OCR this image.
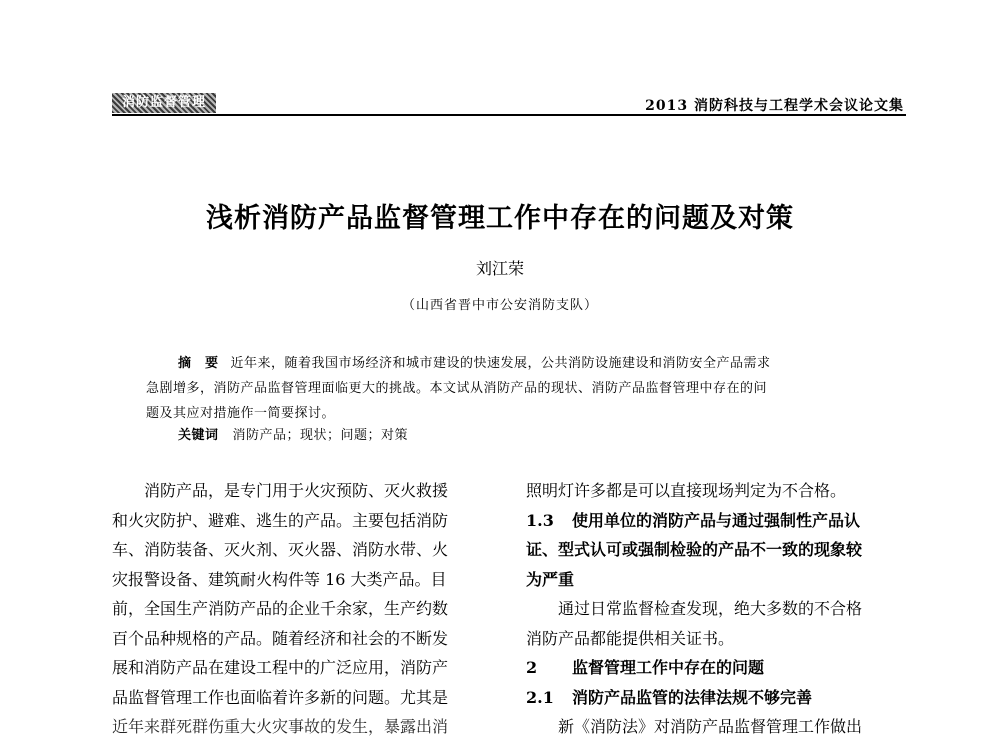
消防监督管理	2013 消防科技与工程学术会议论文集
浅析消防产品监督管理工作中存在的问题及对策
刘江荣
（山西省晋中市公安消防支队）
摘　要 近年来，随着我国市场经济和城市建设的快速发展，公共消防设施建设和消防安全产品需求
急剧增多，消防产品监督管理面临更大的挑战。本文试从消防产品的现状、消防产品监督管理中存在的问
题及其应对措施作一简要探讨。
关键词 消防产品；现状；问题；对策
消防产品，是专门用于火灾预防、灭火救援
和火灾防护、避难、逃生的产品。主要包括消防
车、消防装备、灭火剂、灭火器、消防水带、火
灾报警设备、建筑耐火构件等 16 大类产品。目
前，全国生产消防产品的企业千余家，生产约数
百个品种规格的产品。随着经济和社会的不断发
展和消防产品在建设工程中的广泛应用，消防产
品监督管理工作也面临着许多新的问题。尤其是
近年来群死群伤重大火灾事故的发生，暴露出消
照明灯许多都是可以直接现场判定为不合格。
1.3　 使用单位的消防产品与通过强制性产品认
证、型式认可或强制检验的产品不一致的现象较
为严重
通过日常监督检查发现，绝大多数的不合格
消防产品都能提供相关证书。
2　 监督管理工作中存在的问题
2.1　 消防产品监管的法律法规不够完善
新《消防法》对消防产品监督管理工作做出
